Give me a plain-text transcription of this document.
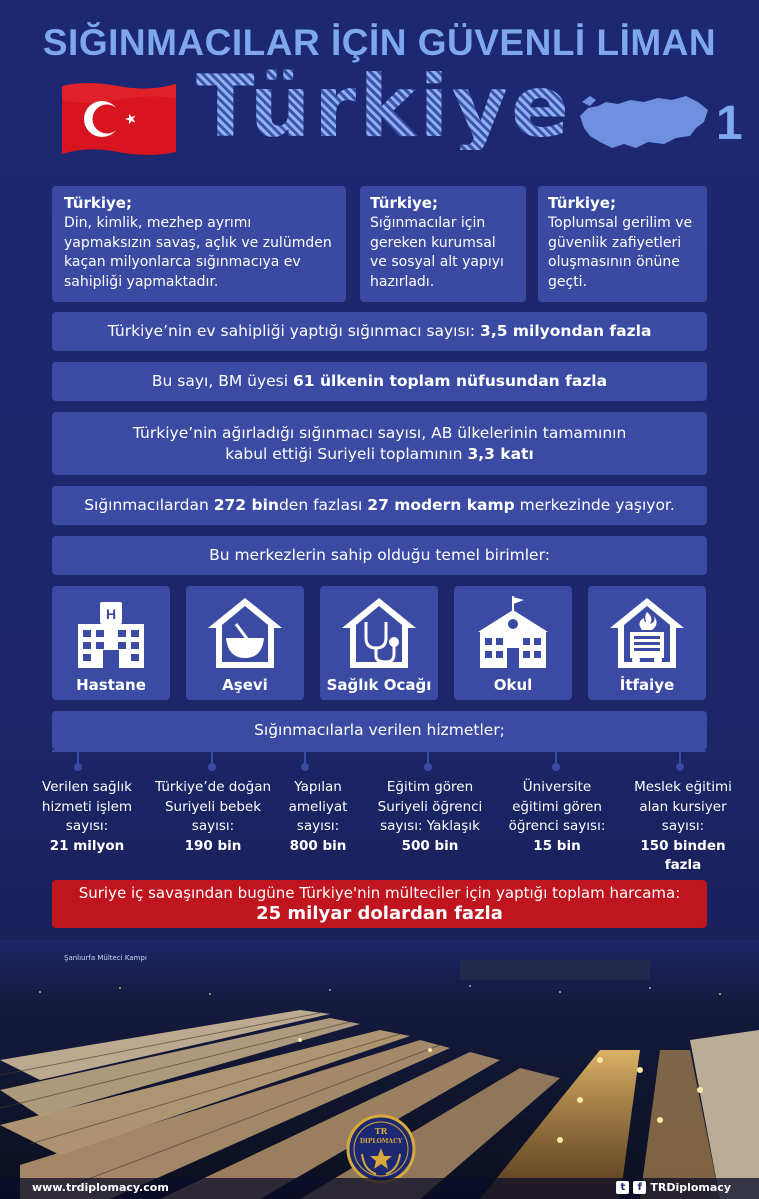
SIĞINMACILAR İÇİN GÜVENLİ LİMAN
Türkiye	1
Türkiye;
Din, kimlik, mezhep ayrımı yapmaksızın savaş, açlık ve zulümden kaçan milyonlarca sığınmacıya ev sahipliği yapmaktadır.
Türkiye;
Sığınmacılar için gereken kurumsal ve sosyal alt yapıyı hazırladı.
Türkiye;
Toplumsal gerilim ve güvenlik zafiyetleri oluşmasının önüne geçti.
Türkiye’nin ev sahipliği yaptığı sığınmacı sayısı: 3,5 milyondan fazla
Bu sayı, BM üyesi 61 ülkenin toplam nüfusundan fazla
Türkiye’nin ağırladığı sığınmacı sayısı, AB ülkelerinin tamamının
kabul ettiği Suriyeli toplamının 3,3 katı
Sığınmacılardan 272 binden fazlası 27 modern kamp merkezinde yaşıyor.
Bu merkezlerin sahip olduğu temel birimler:
H
Hastane	Aşevi	Sağlık Ocağı	Okul	İtfaiye
Sığınmacılarla verilen hizmetler;
Verilen sağlık hizmeti işlem sayısı:
21 milyon
Türkiye’de doğan Suriyeli bebek sayısı:
190 bin
Yapılan ameliyat sayısı:
800 bin
Eğitim gören Suriyeli öğrenci sayısı: Yaklaşık
500 bin
Üniversite eğitimi gören öğrenci sayısı:
15 bin
Meslek eğitimi alan kursiyer sayısı:
150 binden fazla
Suriye iç savaşından bugüne Türkiye'nin mülteciler için yaptığı toplam harcama:
25 milyar dolardan fazla
Şanlıurfa Mülteci Kampı
TR
DIPLOMACY
www.trdiplomacy.com	t	f TRDiplomacy
